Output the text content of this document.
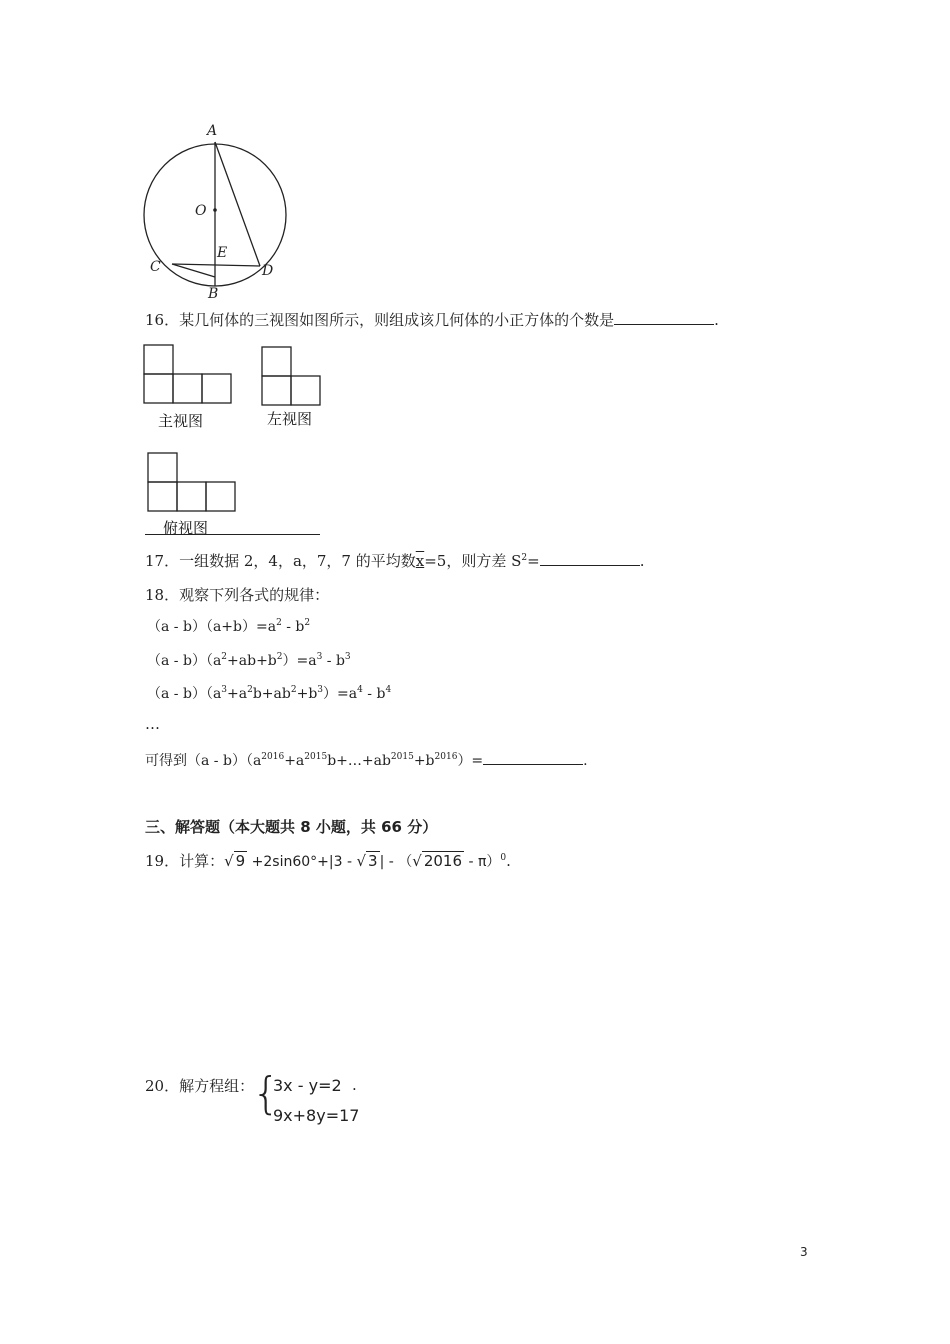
A
O
E
C
B
D
16．某几何体的三视图如图所示，则组成该几何体的小正方体的个数是	.
主视图	左视图
俯视图
17．一组数据 2，4，a，7，7 的平均数x=5，则方差 $S^2=$	.
18．观察下列各式的规律：
$(a - b)(a+b)=a^2 - b^2$
$(a - b)(a^2+ab+b^2)=a^3 - b^3$
$(a - b)(a^3+a^2b+ab^2+b^3)=a^4 - b^4$
…
可得到$(a - b)(a^{2016}+a^{2015}b+\dots+ab^{2015}+b^{2016})=$	.
三、解答题（本大题共 8 小题，共 66 分）
19．计算：√ 9 +2sin60°+|3 - √ 3 | - （√ 2016 - π）$^0$.
20．解方程组：
{
3x - y=2 .
9x+8y=17
3
